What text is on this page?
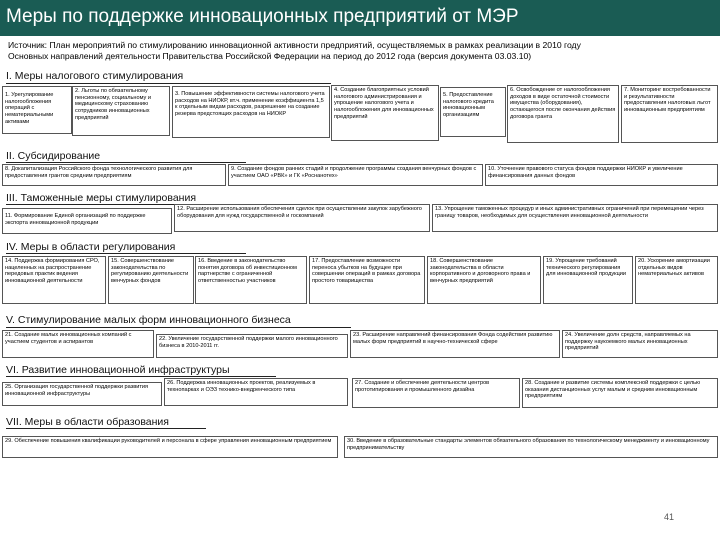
Меры по поддержке инновационных предприятий от МЭР
Источник: План мероприятий по стимулированию инновационной активности предприятий, осуществляемых в рамках реализации в 2010 году
Основных направлений деятельности Правительства Российской Федерации на период до 2012 года (версия документа 03.03.10)
I. Меры налогового стимулирования
1. Урегулирование налогообложения операций с нематериальными активами
2. Льготы по обязательному пенсионному, социальному и медицинскому страхованию сотрудников инновационных предприятий
3. Повышение эффективности системы налогового учета расходов на НИОКР, вт.ч. применение коэффициента 1,5 к отдельным видам расходов, разрешение на создание резерва предстоящих расходов на НИОКР
4. Создание благоприятных условий налогового администрирования и упрощение налогового учета и налогообложения для инновационных предприятий
5. Предоставление налогового кредита инновационным организациям
6. Освобождение от налогообложения доходов в виде остаточной стоимости имущества (оборудования), остающегося после окончания действия договора гранта
7. Мониторинг востребованности и результативности предоставления налоговых льгот инновационным предприятиям
II. Субсидирование
8. Докапитализация Российского фонда технологического развития для предоставления грантов средним предприятиям
9. Создание фондов ранних стадий и продолжение программы создания венчурных фондов с участием ОАО «РВК» и ГК «Роснанотех»
10. Уточнение правового статуса фондов поддержки НИОКР и увеличение финансирования данных фондов
III. Таможенные меры стимулирования
11. Формирование Единой организаций по поддержке экспорта инновационной продукции
12. Расширение использования обеспечения сделок при осуществлении закупок зарубежного оборудования для нужд государственной и госкомпаний
13. Упрощение таможенных процедур и иных административных ограничений при перемещении через границу товаров, необходимых для осуществления инновационной деятельности
IV. Меры в области регулирования
14. Поддержка формирования СРО, нацеленных на распространение передовых практик ведения инновационной деятельности
15. Совершенствование законодательства по регулированию деятельности венчурных фондов
16. Введение в законодательство понятия договора об инвестиционном партнерстве с ограниченной ответственностью участников
17. Предоставление возможности переноса убытков на будущее при совершении операций в рамках договора простого товарищества
18. Совершенствование законодательства в области корпоративного и договорного права и венчурных предприятий
19. Упрощение требований технического регулирования для инновационной продукции
20. Ускорение амортизации отдельных видов нематериальных активов
V. Стимулирование малых форм инновационного бизнеса
21. Создание малых инновационных компаний с участием студентов и аспирантов	22. Увеличение государственной поддержки малого инновационного бизнеса в 2010-2011 гг.
23. Расширение направлений финансирования Фонда содействия развитию малых форм предприятий в научно-технической сфере
24. Увеличение долн средств, направляемых на поддержку наукоемкого малых инновационных предприятий
VI. Развитие инновационной инфраструктуры
25. Организация государственной поддержки развития инновационной инфраструктуры
26. Поддержка инновационных проектов, реализуемых в технопарках и ОЭЗ технико-внедренческого типа
27. Создание и обеспечение деятельности центров прототипирования и промышленного дизайна
28. Создание и развитие системы комплексной поддержки с целью оказания дистанционных услуг малым и средним инновационным предприятиям
VII. Меры в области образования
29. Обеспечение повышения квалификации руководителей и персонала в сфере управления инновационным предприятием	30. Введение в образовательные стандарты элементов обязательного образования по технологическому менеджменту и инновационному предпринимательству
41
